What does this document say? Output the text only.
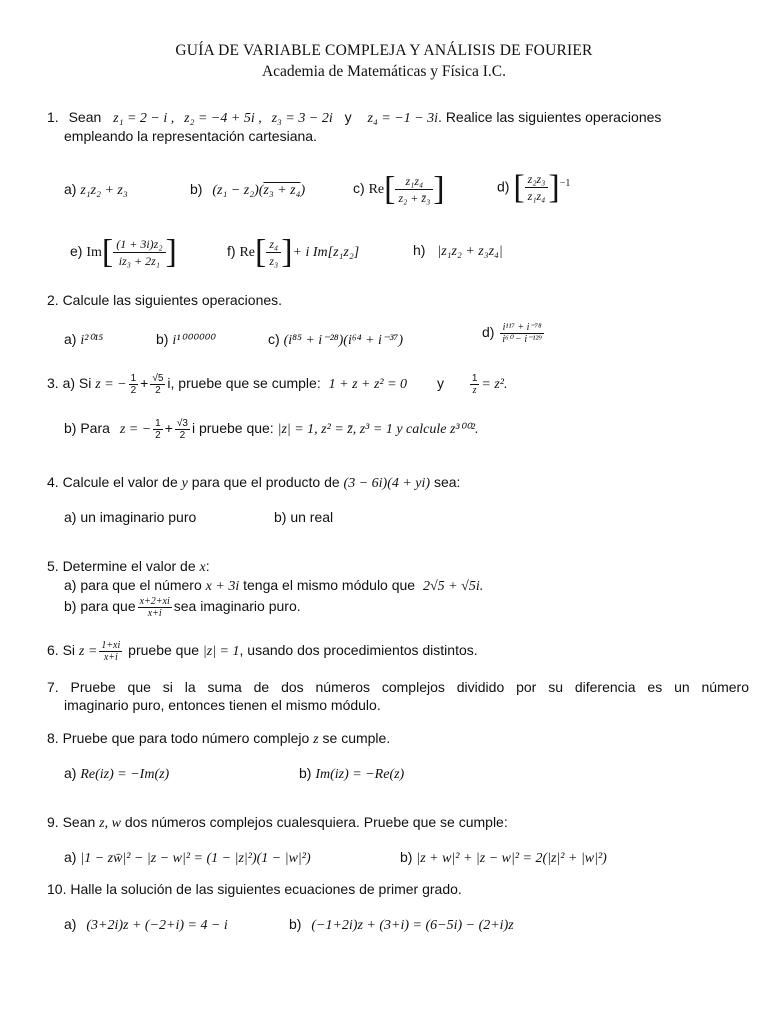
GUÍA DE VARIABLE COMPLEJA Y ANÁLISIS DE FOURIER
Academia de Matemáticas y Física I.C.
1. Sean z₁ = 2 − i , z₂ = −4 + 5i , z₃ = 3 − 2i y z₄ = −1 − 3i. Realice las siguientes operaciones
empleando la representación cartesiana.
a) z₁z₂ + z₃	b) (z₁ − z₂)(z₃ + z₄)	c) $Re[ \frac{\text{z₁z₄}}{\text{z₂ + z̄₃}}$ ]	d) [ $\frac{\text{z₂z₃}}{\text{z₁z₄}} ]^{-1}$
e) $Im[ \frac{\text{(1 + 3i)z₂}}{\text{iz₃ + 2z₁}}$ ]	f) $Re[ \frac{\text{z₄}}{\text{z₃}}$ ]+ i Im[z₁z₂]	h) |z₁z₂ + z₃z₄|
2. Calcule las siguientes operaciones.
a) i²⁰¹⁵	b) i¹⁰⁰⁰⁰⁰⁰	c) (i⁸⁵ + i⁻²⁸)(i⁶⁴ + i⁻³⁷)
$d) \frac{\text{i¹¹⁷ + i⁻⁷⁸}}{\text{i⁶⁰ − i⁻¹²⁹}}$
3. a) Si z = − $\frac{1}{2} + \frac{√5}{2} i$, pruebe que se cumple: 1 + z + z² = 0 y	$\frac{1}{z} = z^2$.
b) Para z = − $\frac{1}{2} + \frac{√3}{2}$ i pruebe que: |z| = 1, z² = z̄, z³ = 1 y calcule z³⁰⁰².
4. Calcule el valor de y para que el producto de (3 − 6i)(4 + yi) sea:
a) un imaginario puro	b) un real
5. Determine el valor de x:
a) para que el número x + 3i tenga el mismo módulo que 2√5 + √5i.
b) para que $\frac{x+2+xi}{x+i}$ sea imaginario puro.
6. Si $z = \frac{1+xi}{x+i}$ pruebe que |z| = 1, usando dos procedimientos distintos.
7. Pruebe que si la suma de dos números complejos dividido por su diferencia es un número
imaginario puro, entonces tienen el mismo módulo.
8. Pruebe que para todo número complejo z se cumple.
a) Re(iz) = −Im(z)	b) Im(iz) = −Re(z)
9. Sean z, w dos números complejos cualesquiera. Pruebe que se cumple:
a) |1 − zw̄|² − |z − w|² = (1 − |z|²)(1 − |w|²)	b) |z + w|² + |z − w|² = 2(|z|² + |w|²)
10. Halle la solución de las siguientes ecuaciones de primer grado.
a) (3+2i)z + (−2+i) = 4 − i	b) (−1+2i)z + (3+i) = (6−5i) − (2+i)z
